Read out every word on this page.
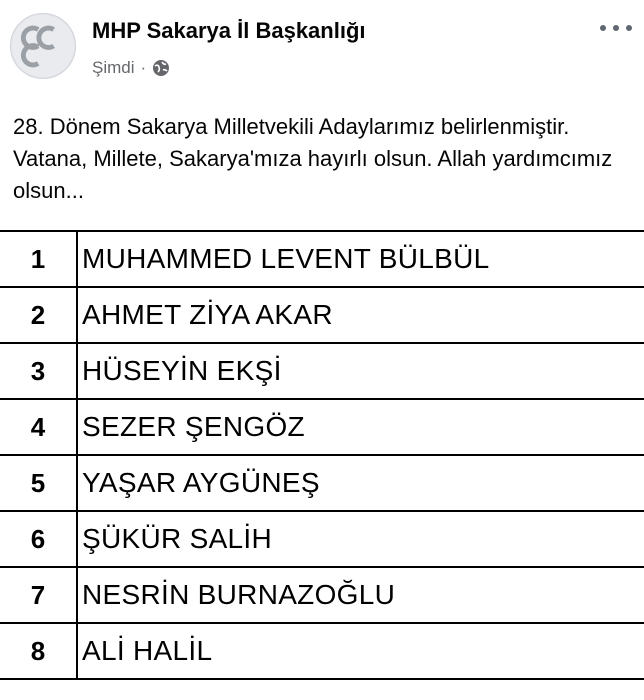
MHP Sakarya İl Başkanlığı
Şimdi ·
28. Dönem Sakarya Milletvekili Adaylarımız belirlenmiştir. Vatana, Millete, Sakarya'mıza hayırlı olsun. Allah yardımcımız olsun...
1	MUHAMMED LEVENT BÜLBÜL
2	AHMET ZİYA AKAR
3	HÜSEYİN EKŞİ
4	SEZER ŞENGÖZ
5	YAŞAR AYGÜNEŞ
6	ŞÜKÜR SALİH
7	NESRİN BURNAZOĞLU
8	ALİ HALİL
